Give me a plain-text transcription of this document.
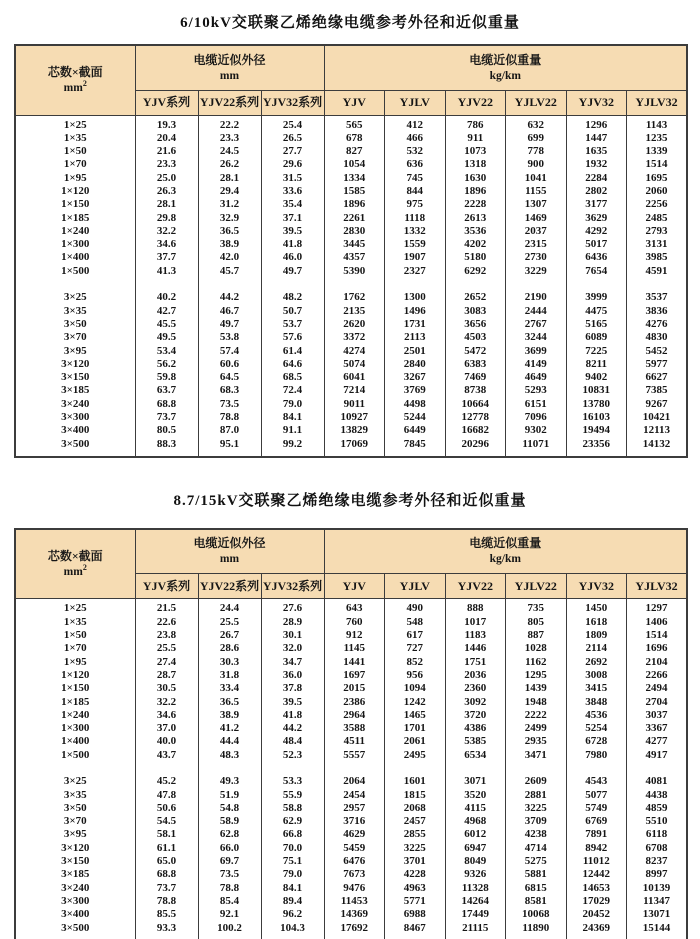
6/10kV交联聚乙烯绝缘电缆参考外径和近似重量
芯数×截面
$mm^2$	电缆近似外径
mm			电缆近似重量
kg/km					
	YJV系列	YJV22系列	YJV32系列	YJV	YJLV	YJV22	YJLV22	YJV32	YJLV32
1×25	19.3	22.2	25.4	565	412	786	632	1296	1143
1×35	20.4	23.3	26.5	678	466	911	699	1447	1235
1×50	21.6	24.5	27.7	827	532	1073	778	1635	1339
1×70	23.3	26.2	29.6	1054	636	1318	900	1932	1514
1×95	25.0	28.1	31.5	1334	745	1630	1041	2284	1695
1×120	26.3	29.4	33.6	1585	844	1896	1155	2802	2060
1×150	28.1	31.2	35.4	1896	975	2228	1307	3177	2256
1×185	29.8	32.9	37.1	2261	1118	2613	1469	3629	2485
1×240	32.2	36.5	39.5	2830	1332	3536	2037	4292	2793
1×300	34.6	38.9	41.8	3445	1559	4202	2315	5017	3131
1×400	37.7	42.0	46.0	4357	1907	5180	2730	6436	3985
1×500	41.3	45.7	49.7	5390	2327	6292	3229	7654	4591

3×25	40.2	44.2	48.2	1762	1300	2652	2190	3999	3537
3×35	42.7	46.7	50.7	2135	1496	3083	2444	4475	3836
3×50	45.5	49.7	53.7	2620	1731	3656	2767	5165	4276
3×70	49.5	53.8	57.6	3372	2113	4503	3244	6089	4830
3×95	53.4	57.4	61.4	4274	2501	5472	3699	7225	5452
3×120	56.2	60.6	64.6	5074	2840	6383	4149	8211	5977
3×150	59.8	64.5	68.5	6041	3267	7469	4649	9402	6627
3×185	63.7	68.3	72.4	7214	3769	8738	5293	10831	7385
3×240	68.8	73.5	79.0	9011	4498	10664	6151	13780	9267
3×300	73.7	78.8	84.1	10927	5244	12778	7096	16103	10421
3×400	80.5	87.0	91.1	13829	6449	16682	9302	19494	12113
3×500	88.3	95.1	99.2	17069	7845	20296	11071	23356	14132
8.7/15kV交联聚乙烯绝缘电缆参考外径和近似重量
芯数×截面
$mm^2$	电缆近似外径
mm			电缆近似重量
kg/km					
	YJV系列	YJV22系列	YJV32系列	YJV	YJLV	YJV22	YJLV22	YJV32	YJLV32
1×25	21.5	24.4	27.6	643	490	888	735	1450	1297
1×35	22.6	25.5	28.9	760	548	1017	805	1618	1406
1×50	23.8	26.7	30.1	912	617	1183	887	1809	1514
1×70	25.5	28.6	32.0	1145	727	1446	1028	2114	1696
1×95	27.4	30.3	34.7	1441	852	1751	1162	2692	2104
1×120	28.7	31.8	36.0	1697	956	2036	1295	3008	2266
1×150	30.5	33.4	37.8	2015	1094	2360	1439	3415	2494
1×185	32.2	36.5	39.5	2386	1242	3092	1948	3848	2704
1×240	34.6	38.9	41.8	2964	1465	3720	2222	4536	3037
1×300	37.0	41.2	44.2	3588	1701	4386	2499	5254	3367
1×400	40.0	44.4	48.4	4511	2061	5385	2935	6728	4277
1×500	43.7	48.3	52.3	5557	2495	6534	3471	7980	4917

3×25	45.2	49.3	53.3	2064	1601	3071	2609	4543	4081
3×35	47.8	51.9	55.9	2454	1815	3520	2881	5077	4438
3×50	50.6	54.8	58.8	2957	2068	4115	3225	5749	4859
3×70	54.5	58.9	62.9	3716	2457	4968	3709	6769	5510
3×95	58.1	62.8	66.8	4629	2855	6012	4238	7891	6118
3×120	61.1	66.0	70.0	5459	3225	6947	4714	8942	6708
3×150	65.0	69.7	75.1	6476	3701	8049	5275	11012	8237
3×185	68.8	73.5	79.0	7673	4228	9326	5881	12442	8997
3×240	73.7	78.8	84.1	9476	4963	11328	6815	14653	10139
3×300	78.8	85.4	89.4	11453	5771	14264	8581	17029	11347
3×400	85.5	92.1	96.2	14369	6988	17449	10068	20452	13071
3×500	93.3	100.2	104.3	17692	8467	21115	11890	24369	15144
